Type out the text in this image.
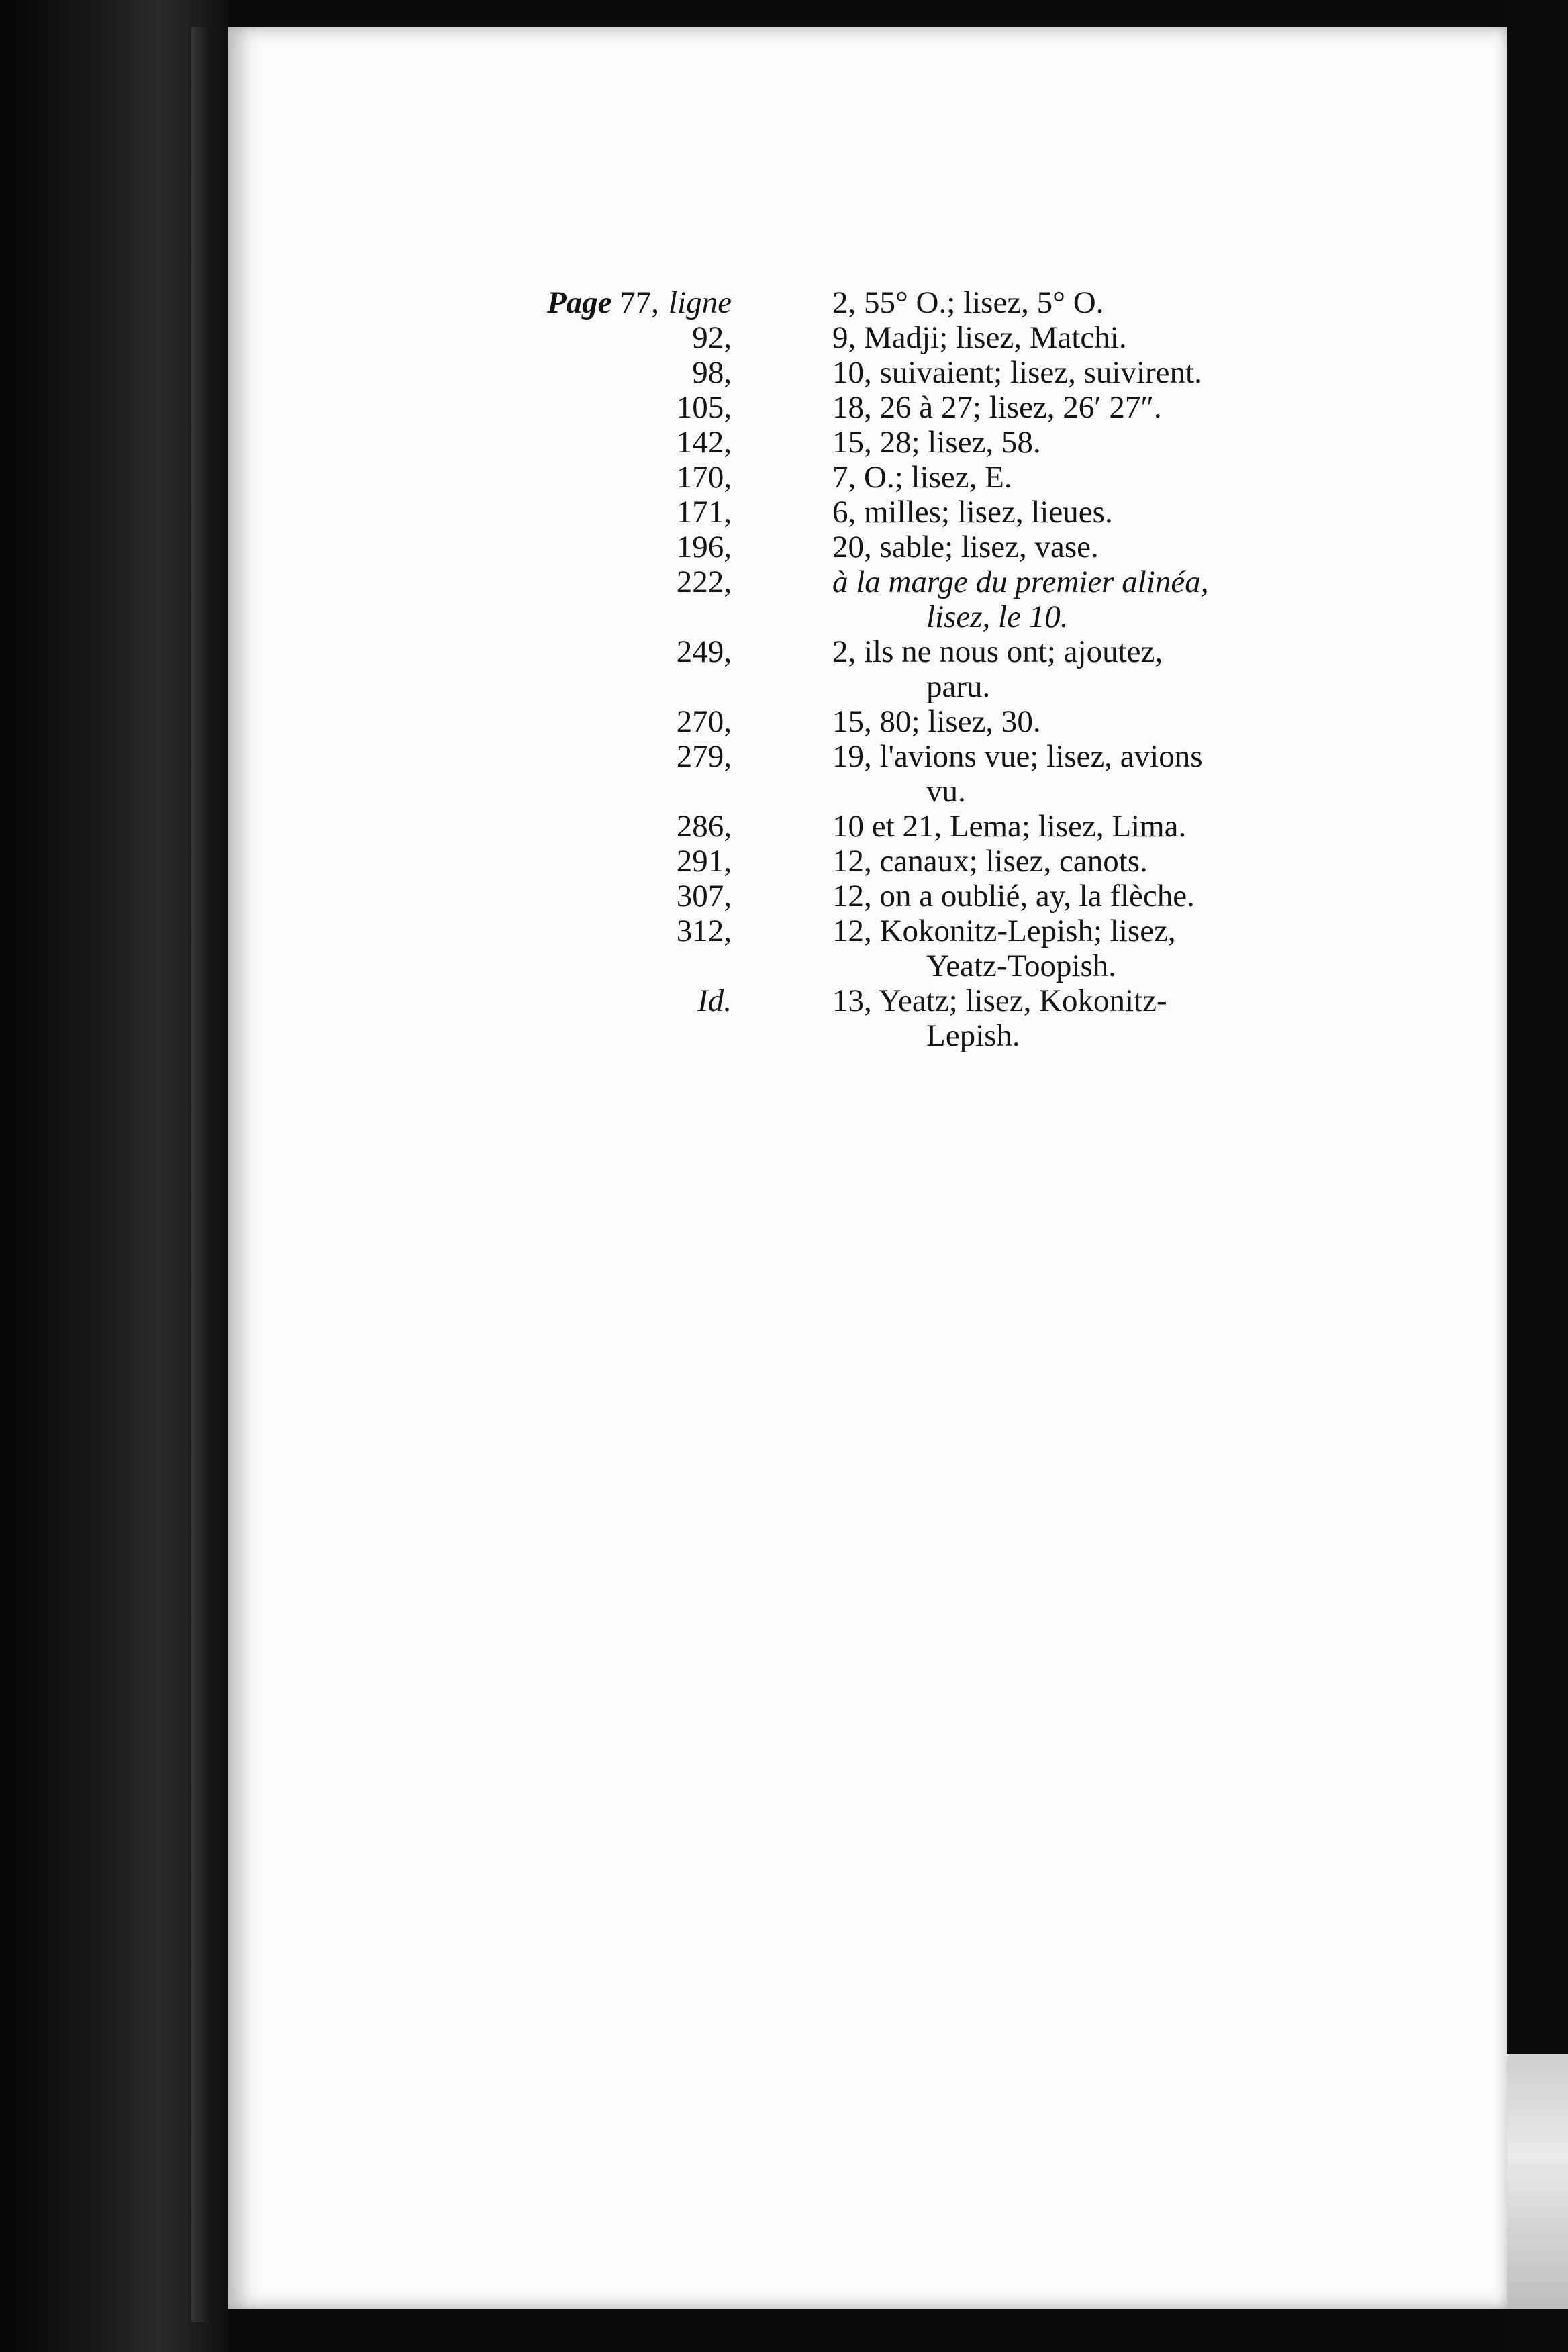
Page 77, ligne	2, 55° O.; lisez, 5° O.
92,	9, Madji; lisez, Matchi.
98,	10, suivaient; lisez, suivirent.
105,	18, 26 à 27; lisez, 26′ 27″.
142,	15, 28; lisez, 58.
170,	7, O.; lisez, E.
171,	6, milles; lisez, lieues.
196,	20, sable; lisez, vase.
222,	à la marge du premier alinéa,
lisez, le 10.
249,	2, ils ne nous ont; ajoutez,
paru.
270,	15, 80; lisez, 30.
279,	19, l'avions vue; lisez, avions
vu.
286,	10 et 21, Lema; lisez, Lima.
291,	12, canaux; lisez, canots.
307,	12, on a oublié, ay, la flèche.
312,	12, Kokonitz-Lepish; lisez,
Yeatz-Toopish.
Id.	13, Yeatz; lisez, Kokonitz-
Lepish.
